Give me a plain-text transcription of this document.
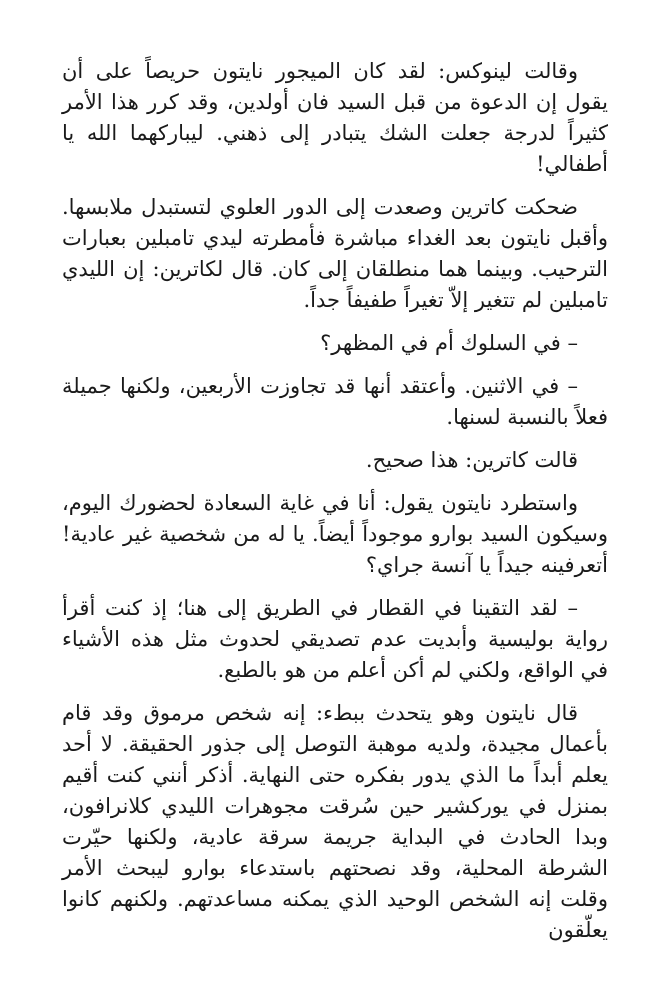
وقالت لينوكس: لقد كان الميجور نايتون حريصاً على أن يقول إن الدعوة من قبل السيد فان أولدين، وقد كرر هذا الأمر كثيراً لدرجة جعلت الشك يتبادر إلى ذهني. ليباركهما الله يا أطفالي!

ضحكت كاترين وصعدت إلى الدور العلوي لتستبدل ملابسها. وأقبل نايتون بعد الغداء مباشرة فأمطرته ليدي تامبلين بعبارات الترحيب. وبينما هما منطلقان إلى كان. قال لكاترين: إن الليدي تامبلين لم تتغير إلاّ تغيراً طفيفاً جداً.

– في السلوك أم في المظهر؟

– في الاثنين. وأعتقد أنها قد تجاوزت الأربعين، ولكنها جميلة فعلاً بالنسبة لسنها.

قالت كاترين: هذا صحيح.

واستطرد نايتون يقول: أنا في غاية السعادة لحضورك اليوم، وسيكون السيد بوارو موجوداً أيضاً. يا له من شخصية غير عادية! أتعرفينه جيداً يا آنسة جراي؟

– لقد التقينا في القطار في الطريق إلى هنا؛ إذ كنت أقرأ رواية بوليسية وأبديت عدم تصديقي لحدوث مثل هذه الأشياء في الواقع، ولكني لم أكن أعلم من هو بالطبع.

قال نايتون وهو يتحدث ببطء: إنه شخص مرموق وقد قام بأعمال مجيدة، ولديه موهبة التوصل إلى جذور الحقيقة. لا أحد يعلم أبداً ما الذي يدور بفكره حتى النهاية. أذكر أنني كنت أقيم بمنزل في يوركشير حين سُرقت مجوهرات الليدي كلانرافون، وبدا الحادث في البداية جريمة سرقة عادية، ولكنها حيّرت الشرطة المحلية، وقد نصحتهم باستدعاء بوارو ليبحث الأمر وقلت إنه الشخص الوحيد الذي يمكنه مساعدتهم. ولكنهم كانوا يعلّقون
